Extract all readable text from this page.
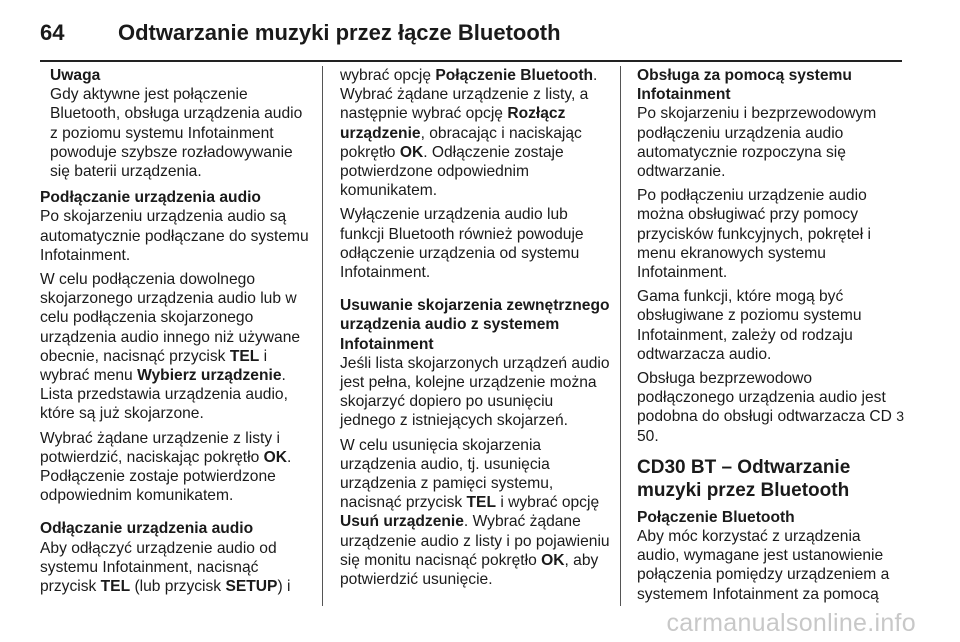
64	Odtwarzanie muzyki przez łącze Bluetooth
Uwaga
Gdy aktywne jest połączenie Bluetooth, obsługa urządzenia audio z poziomu systemu Infotainment powoduje szybsze rozładowywanie się baterii urządzenia.
Podłączanie urządzenia audio

Po skojarzeniu urządzenia audio są automatycznie podłączane do systemu Infotainment.

W celu podłączenia dowolnego skojarzonego urządzenia audio lub w celu podłączenia skojarzonego urządzenia audio innego niż używane obecnie, nacisnąć przycisk TEL i wybrać menu Wybierz urządzenie. Lista przedstawia urządzenia audio, które są już skojarzone.

Wybrać żądane urządzenie z listy i potwierdzić, naciskając pokrętło OK. Podłączenie zostaje potwierdzone odpowiednim komunikatem.

Odłączanie urządzenia audio

Aby odłączyć urządzenie audio od systemu Infotainment, nacisnąć przycisk TEL (lub przycisk SETUP) i

wybrać opcję Połączenie Bluetooth. Wybrać żądane urządzenie z listy, a następnie wybrać opcję Rozłącz urządzenie, obracając i naciskając pokrętło OK. Odłączenie zostaje potwierdzone odpowiednim komunikatem.

Wyłączenie urządzenia audio lub funkcji Bluetooth również powoduje odłączenie urządzenia od systemu Infotainment.

Usuwanie skojarzenia zewnętrznego urządzenia audio z systemem Infotainment

Jeśli lista skojarzonych urządzeń audio jest pełna, kolejne urządzenie można skojarzyć dopiero po usunięciu jednego z istniejących skojarzeń.

W celu usunięcia skojarzenia urządzenia audio, tj. usunięcia urządzenia z pamięci systemu, nacisnąć przycisk TEL i wybrać opcję Usuń urządzenie. Wybrać żądane urządzenie audio z listy i po pojawieniu się monitu nacisnąć pokrętło OK, aby potwierdzić usunięcie.

Obsługa za pomocą systemu Infotainment

Po skojarzeniu i bezprzewodowym podłączeniu urządzenia audio automatycznie rozpoczyna się odtwarzanie.

Po podłączeniu urządzenie audio można obsługiwać przy pomocy przycisków funkcyjnych, pokręteł i menu ekranowych systemu Infotainment.

Gama funkcji, które mogą być obsługiwane z poziomu systemu Infotainment, zależy od rodzaju odtwarzacza audio.

Obsługa bezprzewodowo podłączonego urządzenia audio jest podobna do obsługi odtwarzacza CD 3 50.

CD30 BT – Odtwarzanie muzyki przez Bluetooth
Połączenie Bluetooth

Aby móc korzystać z urządzenia audio, wymagane jest ustanowienie połączenia pomiędzy urządzeniem a systemem Infotainment za pomocą

carmanualsonline.info
